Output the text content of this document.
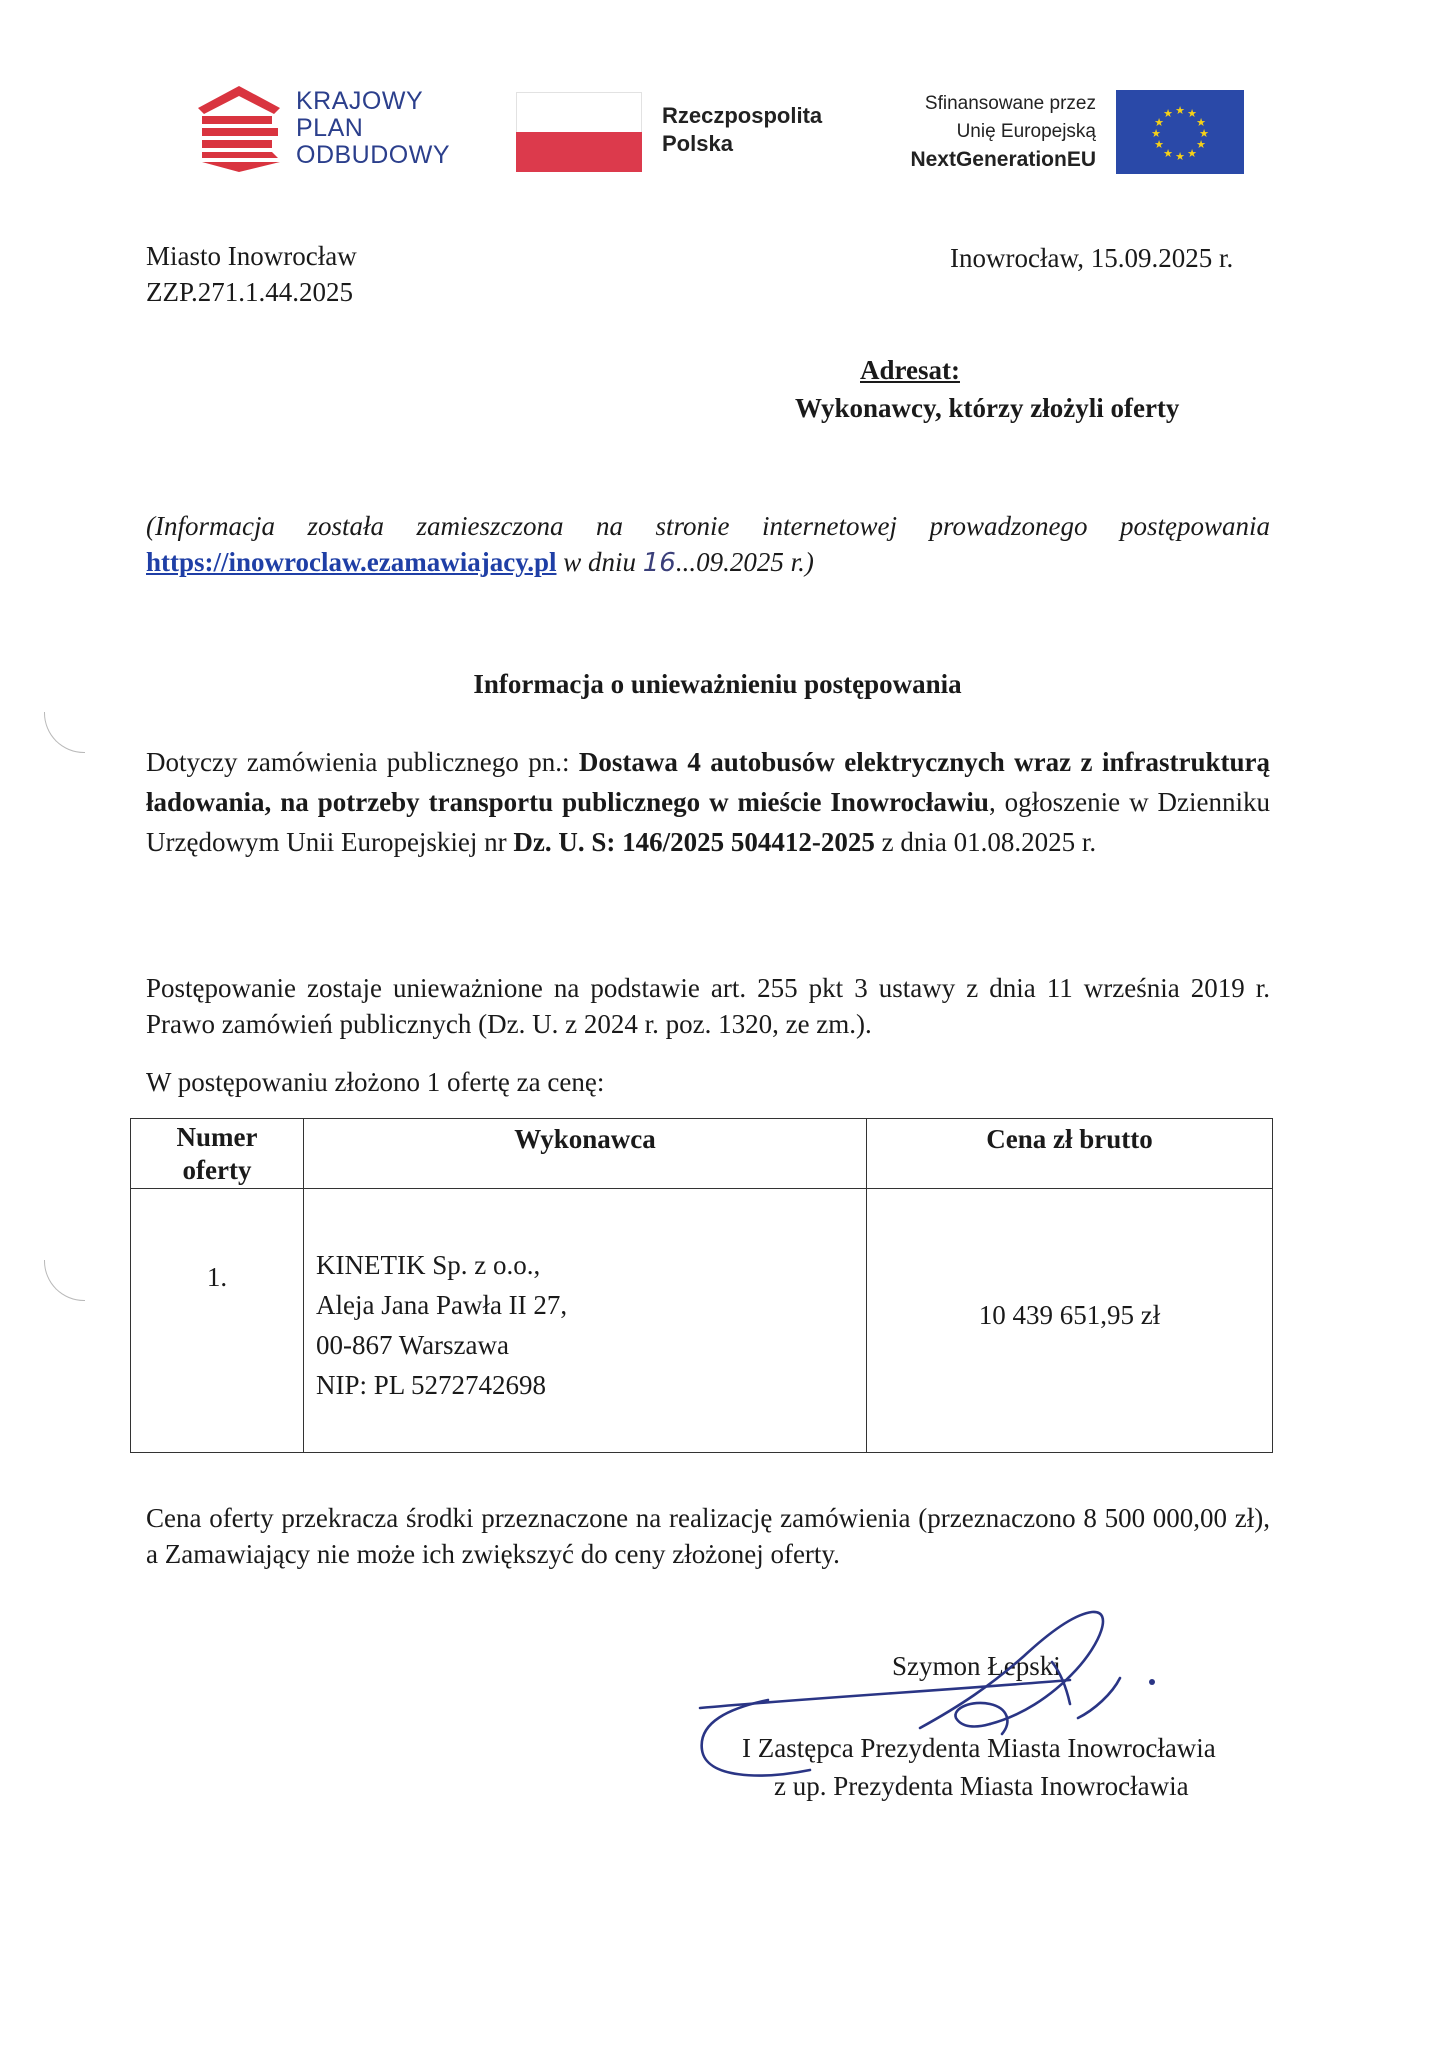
KRAJOWY
PLAN
ODBUDOWY
Rzeczpospolita
Polska
Sfinansowane przez
Unię Europejską
NextGenerationEU
★ ★
★
★
★
★
★
★
★
★
★
★
Miasto Inowrocław
ZZP.271.1.44.2025
Inowrocław, 15.09.2025 r.
Adresat:
Wykonawcy, którzy złożyli oferty
(Informacja została zamieszczona na stronie internetowej prowadzonego postępowania https://inowroclaw.ezamawiajacy.pl w dniu 16...09.2025 r.)
Informacja o unieważnieniu postępowania
Dotyczy zamówienia publicznego pn.: Dostawa 4 autobusów elektrycznych wraz z infrastrukturą ładowania, na potrzeby transportu publicznego w mieście Inowrocławiu, ogłoszenie w Dzienniku Urzędowym Unii Europejskiej nr Dz. U. S: 146/2025 504412-2025 z dnia 01.08.2025 r.
Postępowanie zostaje unieważnione na podstawie art. 255 pkt 3 ustawy z dnia 11 września 2019 r. Prawo zamówień publicznych (Dz. U. z 2024 r. poz. 1320, ze zm.).
W postępowaniu złożono 1 ofertę za cenę:
Numer
oferty	Wykonawca	Cena zł brutto
1.	KINETIK Sp. z o.o.,
Aleja Jana Pawła II 27,
00-867 Warszawa
NIP: PL 5272742698	10 439 651,95 zł
Cena oferty przekracza środki przeznaczone na realizację zamówienia (przeznaczono 8 500 000,00 zł), a Zamawiający nie może ich zwiększyć do ceny złożonej oferty.
Szymon Łepski
I Zastępca Prezydenta Miasta Inowrocławia
z up. Prezydenta Miasta Inowrocławia
